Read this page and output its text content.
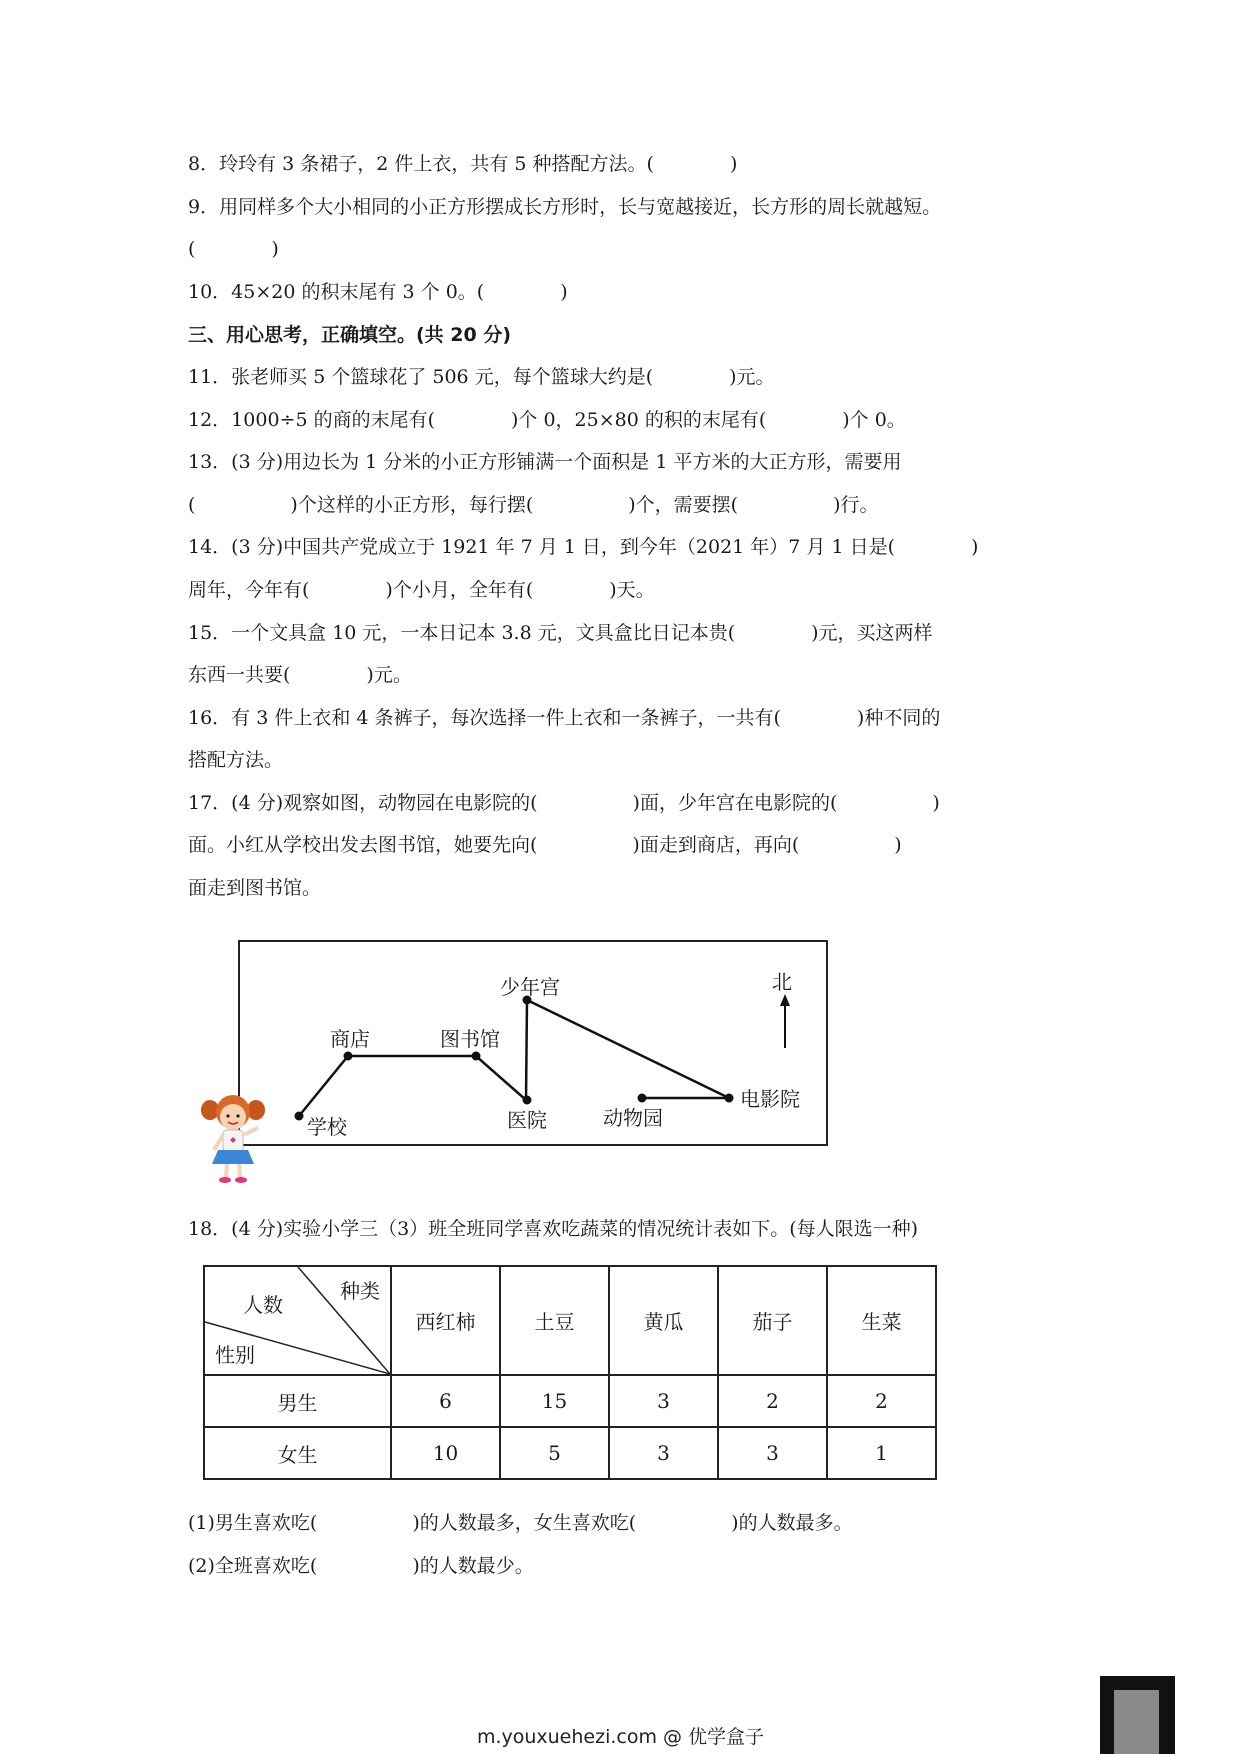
8．玲玲有 3 条裙子，2 件上衣，共有 5 种搭配方法。(　　　　)
9．用同样多个大小相同的小正方形摆成长方形时，长与宽越接近，长方形的周长就越短。
(　　　　)
10．45×20 的积末尾有 3 个 0。(　　　　)
三、用心思考，正确填空。(共 20 分)
11．张老师买 5 个篮球花了 506 元，每个篮球大约是(　　　　)元。
12．1000÷5 的商的末尾有(　　　　)个 0，25×80 的积的末尾有(　　　　)个 0。
13．(3 分)用边长为 1 分米的小正方形铺满一个面积是 1 平方米的大正方形，需要用
(　　　　　)个这样的小正方形，每行摆(　　　　　)个，需要摆(　　　　　)行。
14．(3 分)中国共产党成立于 1921 年 7 月 1 日，到今年（2021 年）7 月 1 日是(　　　　)
周年，今年有(　　　　)个小月，全年有(　　　　)天。
15．一个文具盒 10 元，一本日记本 3.8 元，文具盒比日记本贵(　　　　)元，买这两样
东西一共要(　　　　)元。
16．有 3 件上衣和 4 条裤子，每次选择一件上衣和一条裤子，一共有(　　　　)种不同的
搭配方法。
17．(4 分)观察如图，动物园在电影院的(　　　　　)面，少年宫在电影院的(　　　　　)
面。小红从学校出发去图书馆，她要先向(　　　　　)面走到商店，再向(　　　　　)
面走到图书馆。
学校
商店	图书馆
少年宫
医院	动物园
电影院
北
18．(4 分)实验小学三（3）班全班同学喜欢吃蔬菜的情况统计表如下。(每人限选一种)
种类
人数
性别	西红柿	土豆	黄瓜	茄子	生菜
男生	6	15	3	2	2
女生	10	5	3	3	1
(1)男生喜欢吃(　　　　　)的人数最多，女生喜欢吃(　　　　　)的人数最多。
(2)全班喜欢吃(　　　　　)的人数最少。
m.youxuehezi.com @ 优学盒子
